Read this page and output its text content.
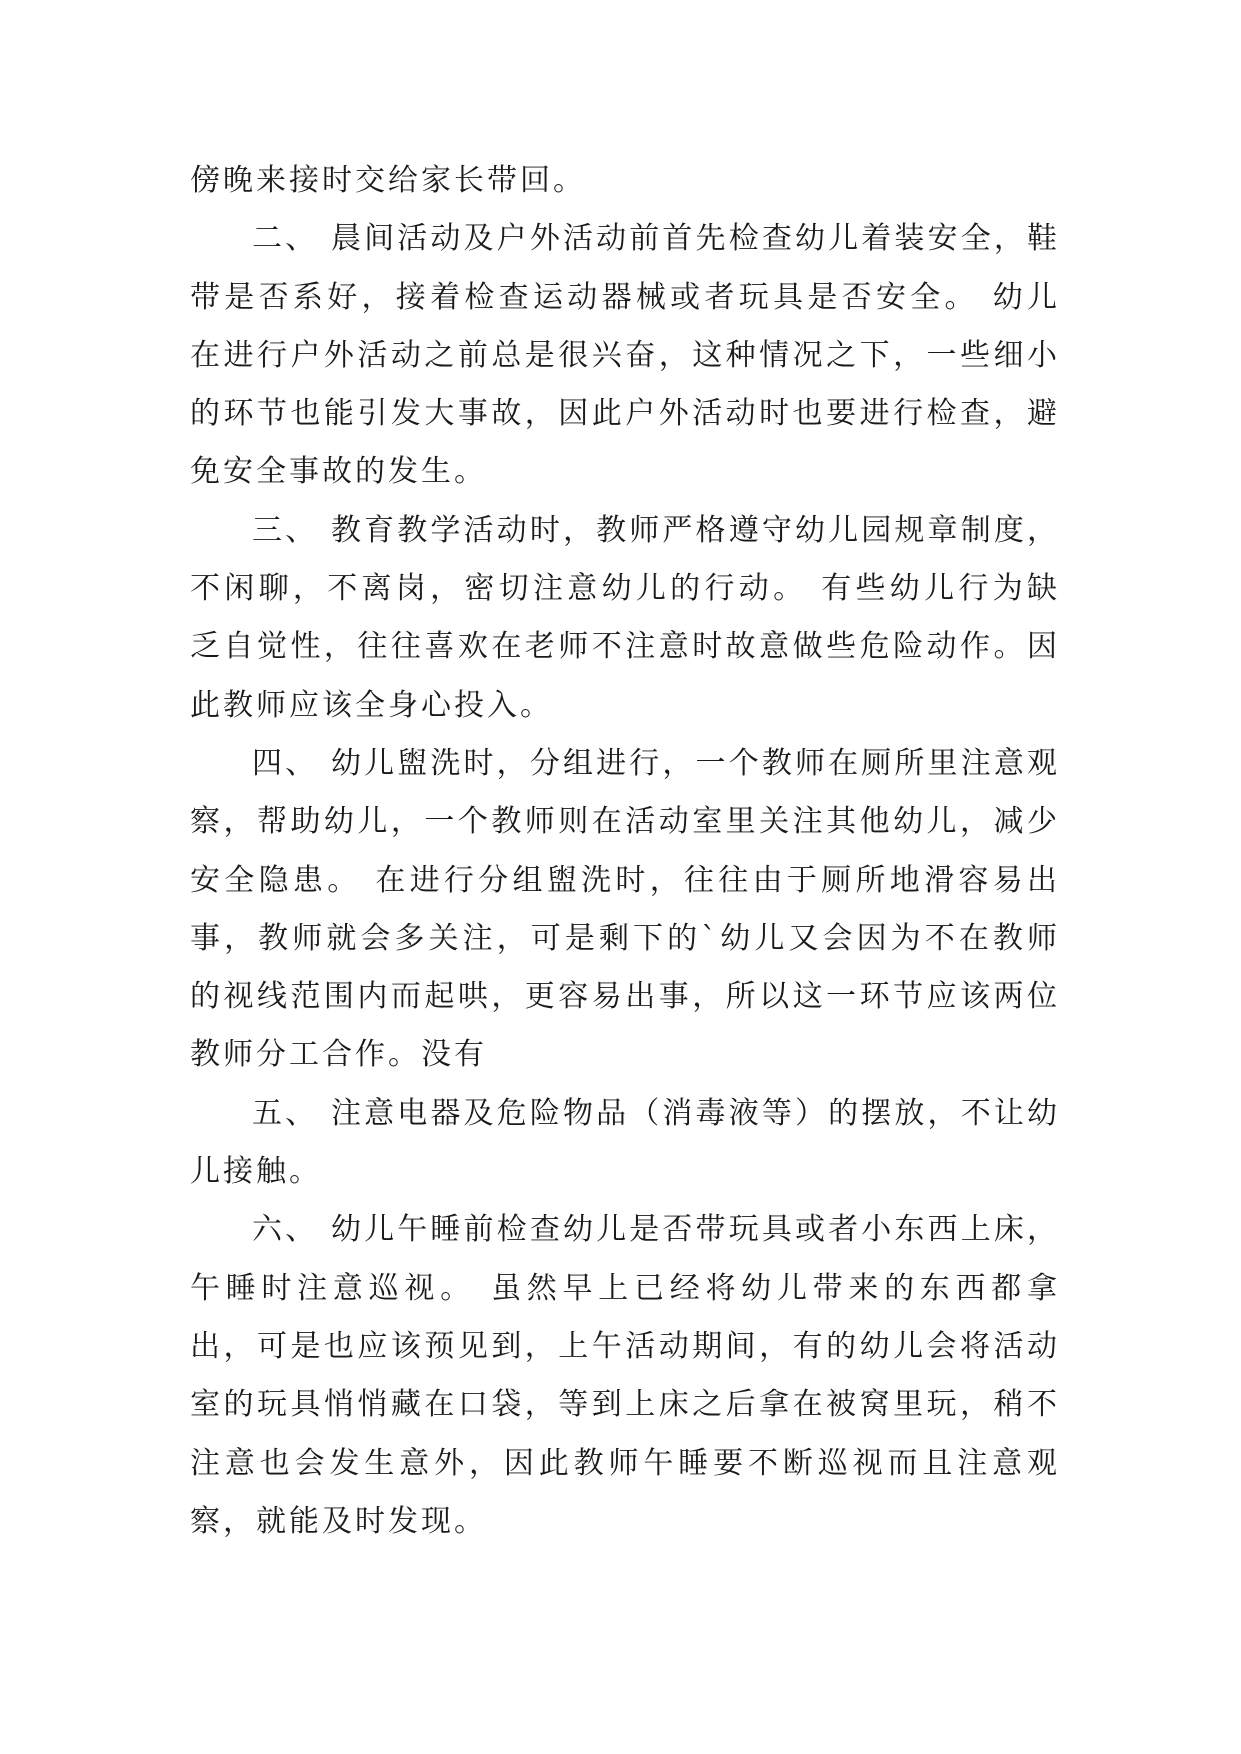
傍晚来接时交给家长带回。

二、 晨间活动及户外活动前首先检查幼儿着装安全，鞋带是否系好，接着检查运动器械或者玩具是否安全。 幼儿在进行户外活动之前总是很兴奋，这种情况之下，一些细小的环节也能引发大事故，因此户外活动时也要进行检查，避免安全事故的发生。

三、 教育教学活动时，教师严格遵守幼儿园规章制度，不闲聊，不离岗，密切注意幼儿的行动。 有些幼儿行为缺乏自觉性，往往喜欢在老师不注意时故意做些危险动作。因此教师应该全身心投入。

四、 幼儿盥洗时，分组进行，一个教师在厕所里注意观察，帮助幼儿，一个教师则在活动室里关注其他幼儿，减少安全隐患。 在进行分组盥洗时，往往由于厕所地滑容易出事，教师就会多关注，可是剩下的`幼儿又会因为不在教师的视线范围内而起哄，更容易出事，所以这一环节应该两位教师分工合作。没有

五、 注意电器及危险物品（消毒液等）的摆放，不让幼儿接触。

六、 幼儿午睡前检查幼儿是否带玩具或者小东西上床，午睡时注意巡视。 虽然早上已经将幼儿带来的东西都拿出，可是也应该预见到，上午活动期间，有的幼儿会将活动室的玩具悄悄藏在口袋，等到上床之后拿在被窝里玩，稍不注意也会发生意外，因此教师午睡要不断巡视而且注意观察，就能及时发现。
